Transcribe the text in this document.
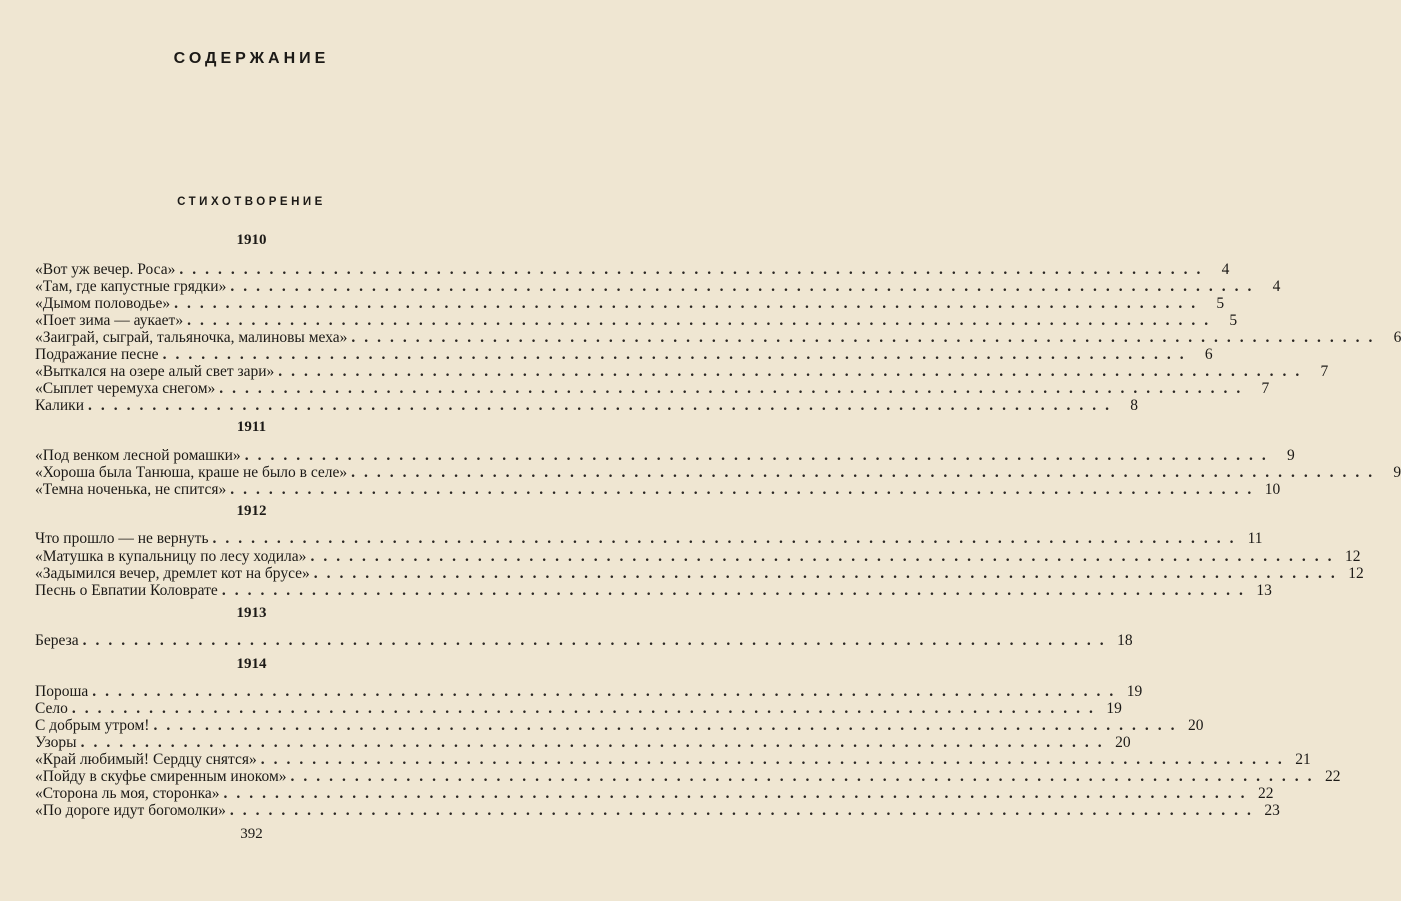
СОДЕРЖАНИЕ
СТИХОТВОРЕНИЕ
1910
«Вот уж вечер. Роса» ................................................................................ 4
«Там, где капустные грядки» ................................................................................ 4
«Дымом половодье» ................................................................................ 5
«Поет зима — аукает» ................................................................................ 5
«Заиграй, сыграй, тальяночка, малиновы меха» ................................................................................ 6
Подражание песне ................................................................................ 6
«Выткался на озере алый свет зари» ................................................................................ 7
«Сыплет черемуха снегом» ................................................................................ 7
Калики ................................................................................ 8
1911
«Под венком лесной ромашки» ................................................................................ 9
«Хороша была Танюша, краше не было в селе» ................................................................................ 9
«Темна ноченька, не спится» ................................................................................ 10
1912
Что прошло — не вернуть ................................................................................ 11
«Матушка в купальницу по лесу ходила» ................................................................................ 12
«Задымился вечер, дремлет кот на брусе» ................................................................................ 12
Песнь о Евпатии Коловрате ................................................................................ 13
1913
Береза ................................................................................ 18
1914
Пороша ................................................................................ 19
Село ................................................................................ 19
С добрым утром! ................................................................................ 20
Узоры ................................................................................ 20
«Край любимый! Сердцу снятся» ................................................................................ 21
«Пойду в скуфье смиренным иноком» ................................................................................ 22
«Сторона ль моя, сторонка» ................................................................................ 22
«По дороге идут богомолки» ................................................................................ 23
392
